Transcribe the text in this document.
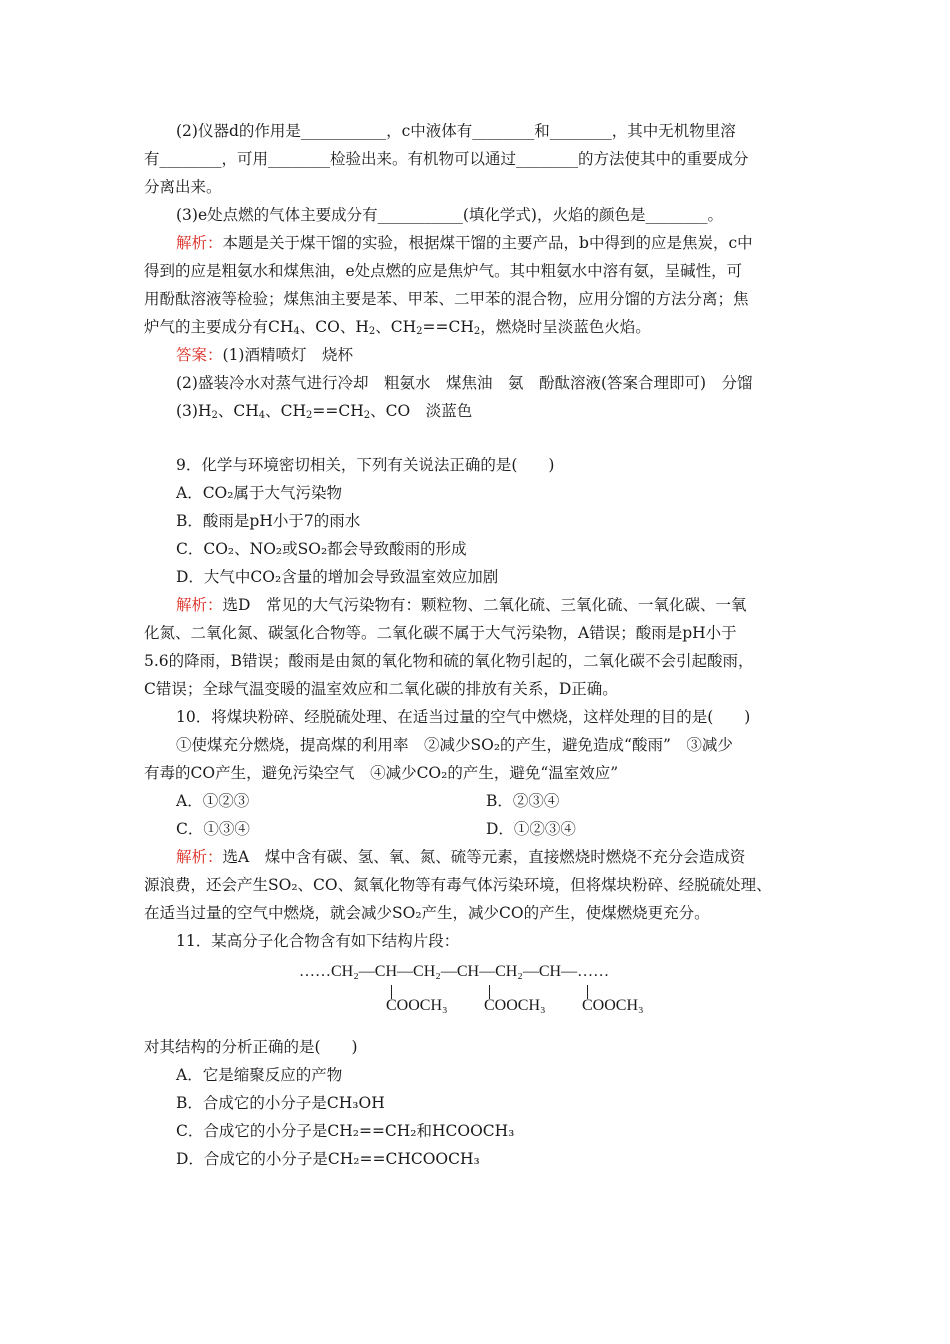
(2)仪器d的作用是___________，c中液体有________和________，其中无机物里溶
有________，可用________检验出来。有机物可以通过________的方法使其中的重要成分
分离出来。
(3)e处点燃的气体主要成分有___________(填化学式)，火焰的颜色是________。
解析：本题是关于煤干馏的实验，根据煤干馏的主要产品，b中得到的应是焦炭，c中
得到的应是粗氨水和煤焦油，e处点燃的应是焦炉气。其中粗氨水中溶有氨，呈碱性，可
用酚酞溶液等检验；煤焦油主要是苯、甲苯、二甲苯的混合物，应用分馏的方法分离；焦
炉气的主要成分有$CH_4$、CO、$H_2$、$CH_2==CH_2$，燃烧时呈淡蓝色火焰。
答案：(1)酒精喷灯　烧杯
(2)盛装冷水对蒸气进行冷却　粗氨水　煤焦油　氨　酚酞溶液(答案合理即可)　分馏
$(3)H_2$、$CH_4$、$CH_2==CH_2$、CO　淡蓝色
9．化学与环境密切相关，下列有关说法正确的是(　　)
A．CO₂属于大气污染物
B．酸雨是pH小于7的雨水
C．CO₂、NO₂或SO₂都会导致酸雨的形成
D．大气中CO₂含量的增加会导致温室效应加剧
解析：选D　常见的大气污染物有：颗粒物、二氧化硫、三氧化硫、一氧化碳、一氧
化氮、二氧化氮、碳氢化合物等。二氧化碳不属于大气污染物，A错误；酸雨是pH小于
5.6的降雨，B错误；酸雨是由氮的氧化物和硫的氧化物引起的，二氧化碳不会引起酸雨，
C错误；全球气温变暖的温室效应和二氧化碳的排放有关系，D正确。
10．将煤块粉碎、经脱硫处理、在适当过量的空气中燃烧，这样处理的目的是(　　)
①使煤充分燃烧，提高煤的利用率　②减少SO₂的产生，避免造成“酸雨”　③减少
有毒的CO产生，避免污染空气　④减少CO₂的产生，避免“温室效应”
A．①②③	B．②③④
C．①③④	D．①②③④
解析：选A　煤中含有碳、氢、氧、氮、硫等元素，直接燃烧时燃烧不充分会造成资
源浪费，还会产生SO₂、CO、氮氧化物等有毒气体污染环境，但将煤块粉碎、经脱硫处理、
在适当过量的空气中燃烧，就会减少SO₂产生，减少CO的产生，使煤燃烧更充分。
11．某高分子化合物含有如下结构片段：
……CH₂—CH—CH₂—CH—CH₂—CH—……
COOCH₃ COOCH₃ COOCH₃
对其结构的分析正确的是(　　)
A．它是缩聚反应的产物
B．合成它的小分子是CH₃OH
C．合成它的小分子是CH₂==CH₂和HCOOCH₃
D．合成它的小分子是CH₂==CHCOOCH₃
